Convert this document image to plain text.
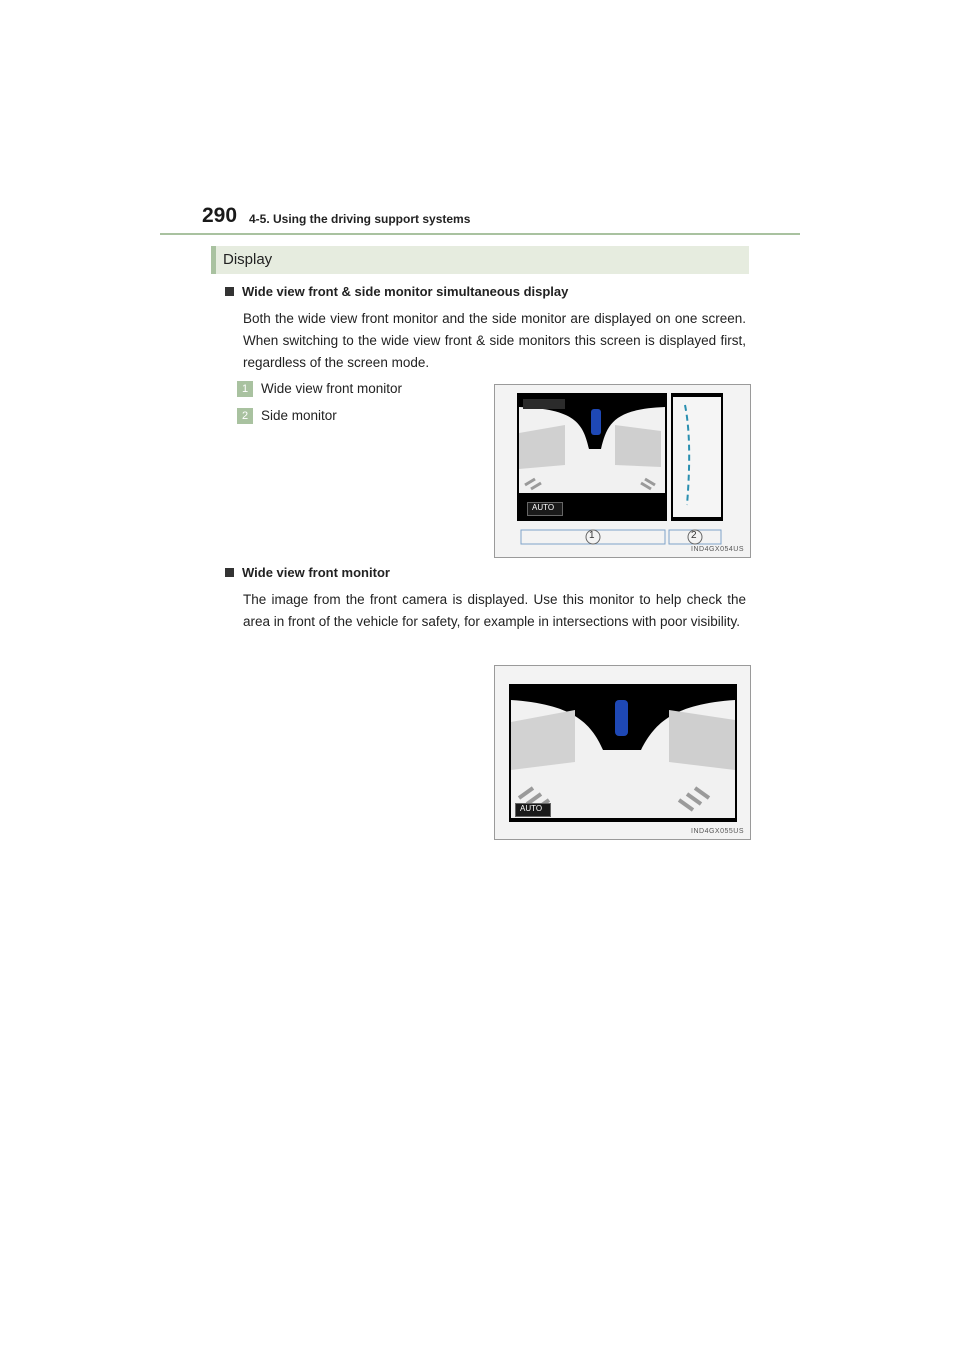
290 4-5. Using the driving support systems
Display
Wide view front & side monitor simultaneous display
Both the wide view front monitor and the side monitor are displayed on one screen. When switching to the wide view front & side monitors this screen is displayed first, regardless of the screen mode.
1 Wide view front monitor
2 Side monitor
AUTO
1	2
IND4GX054US
Wide view front monitor
The image from the front camera is displayed. Use this monitor to help check the area in front of the vehicle for safety, for example in intersections with poor visibility.
AUTO
IND4GX055US
